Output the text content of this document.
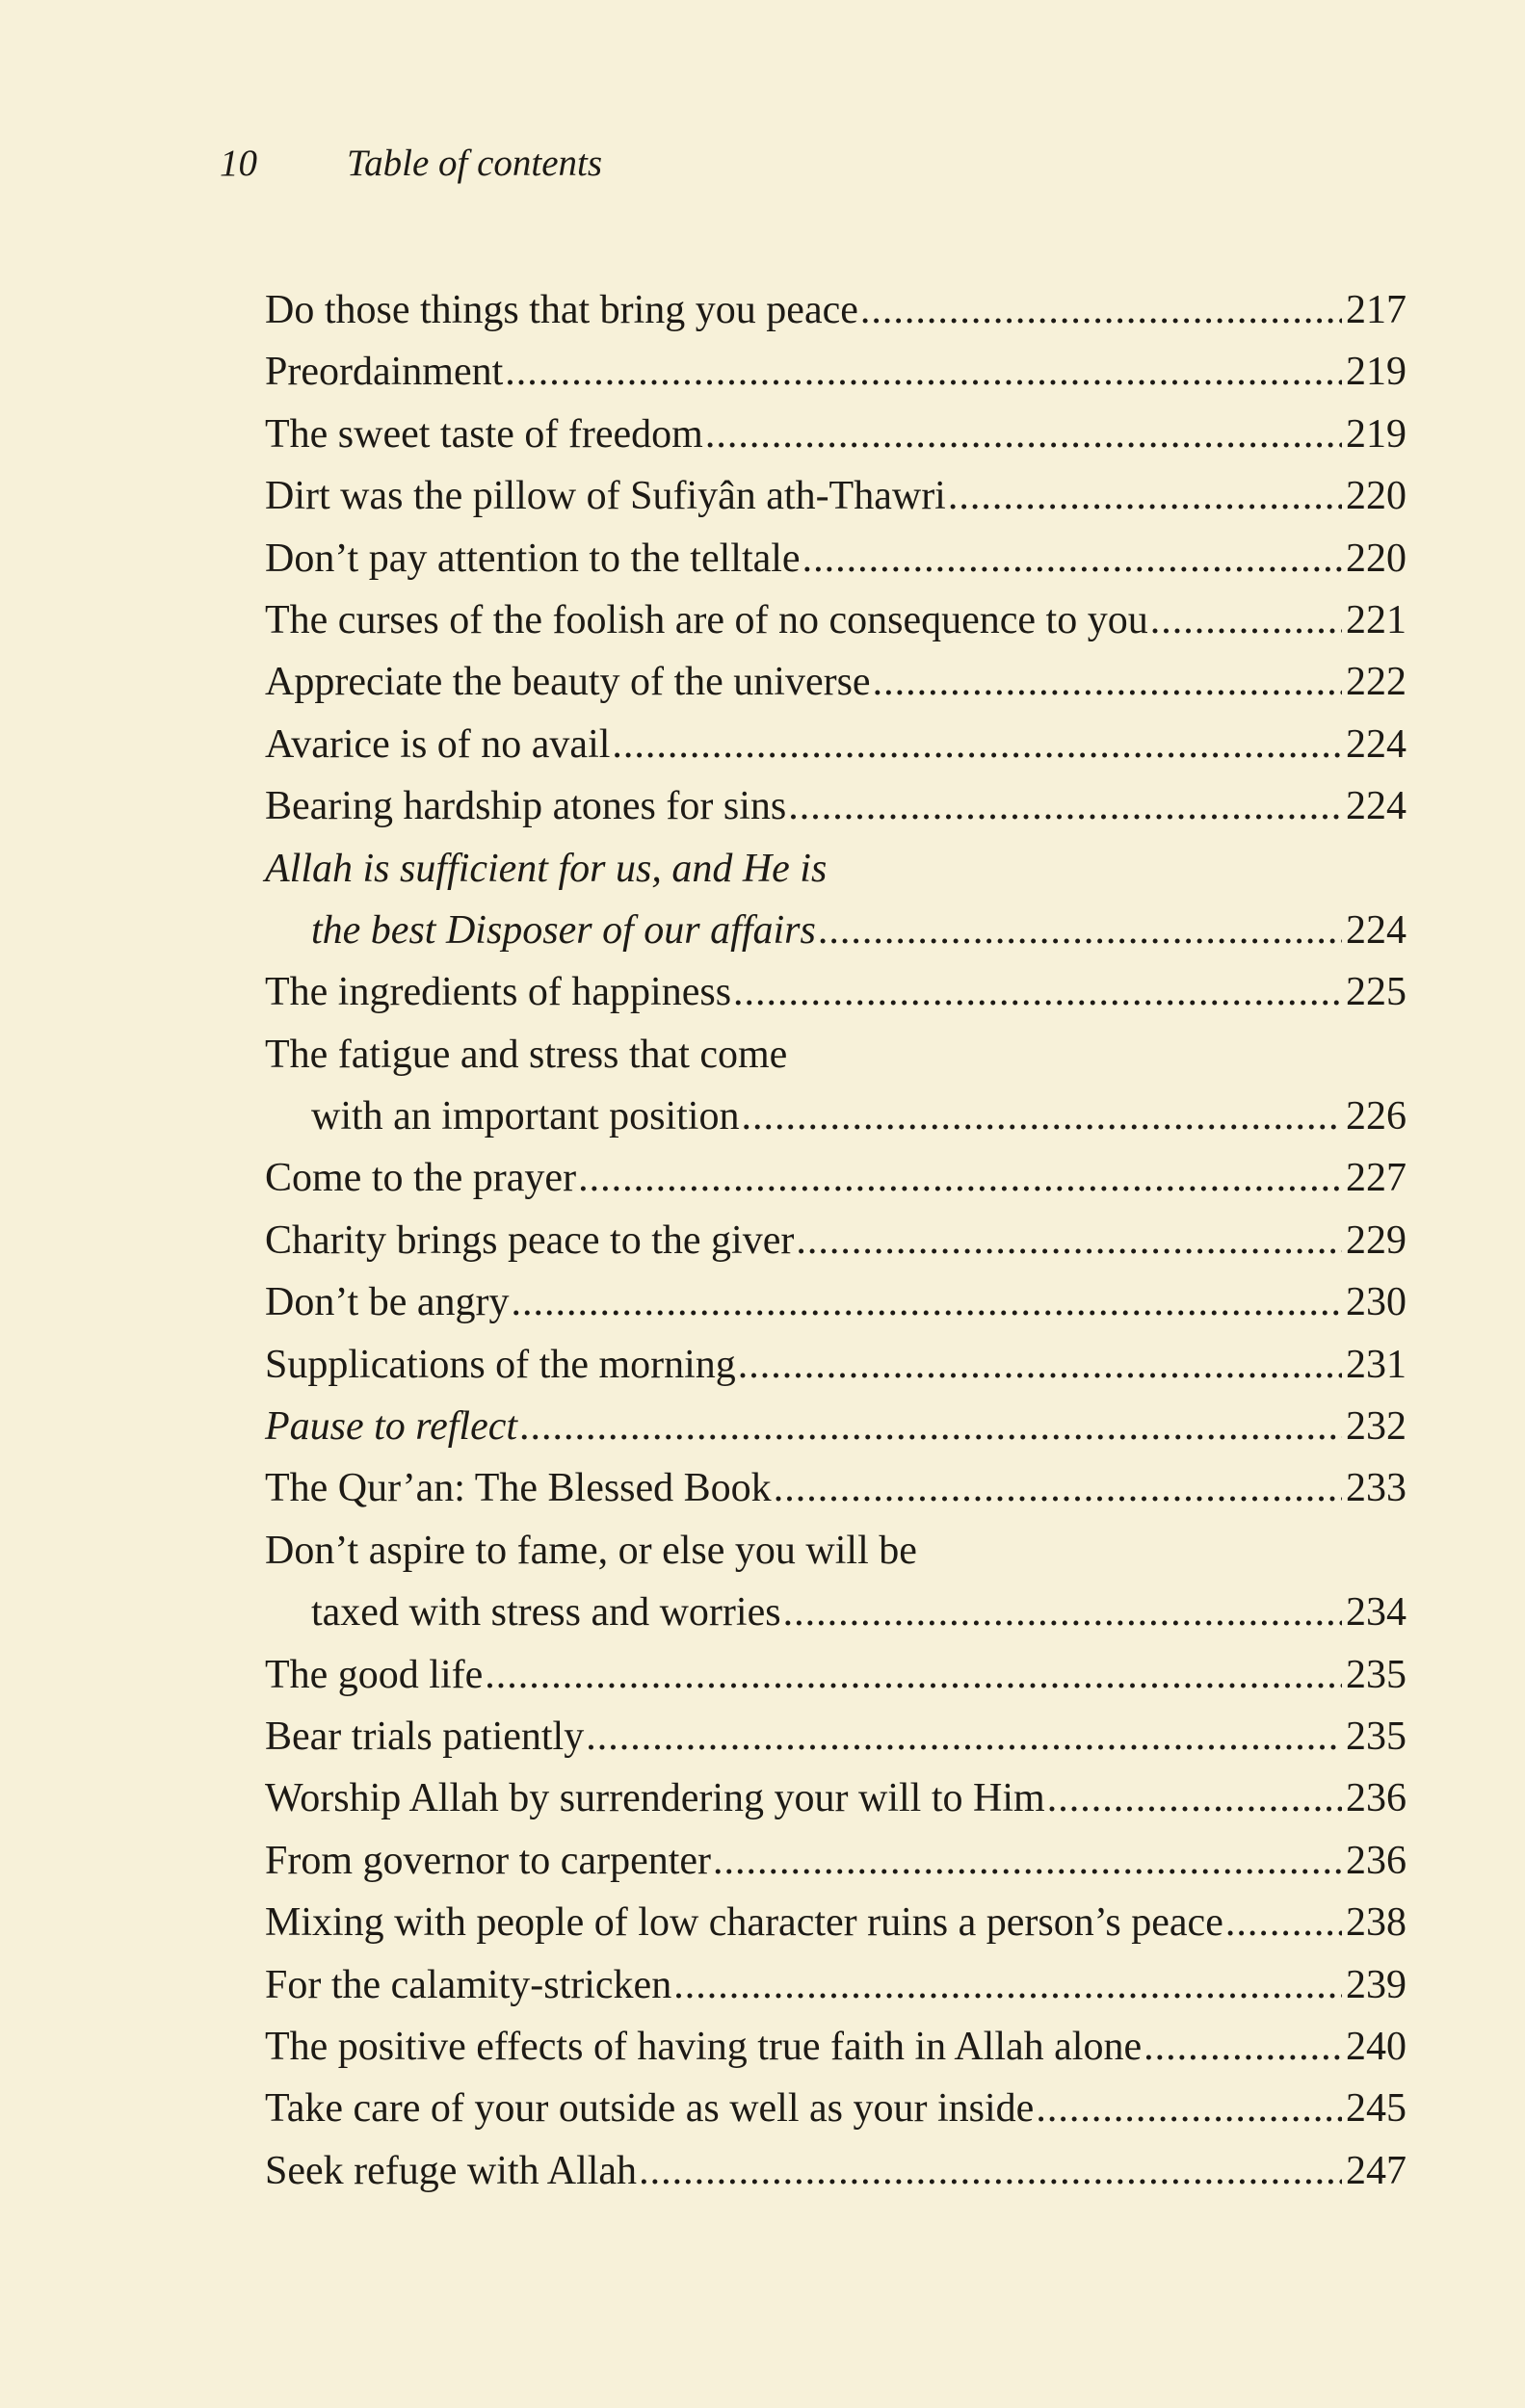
10 Table of contents
Do those things that bring you peace .....	217
Preordainment .....	219
The sweet taste of freedom .....	219
Dirt was the pillow of Sufiyân ath-Thawri .....	220
Don’t pay attention to the telltale .....	220
The curses of the foolish are of no consequence to you .....	221
Appreciate the beauty of the universe .....	222
Avarice is of no avail .....	224
Bearing hardship atones for sins .....	224
Allah is sufficient for us, and He is
the best Disposer of our affairs .....	224
The ingredients of happiness .....	225
The fatigue and stress that come
with an important position .....	226
Come to the prayer .....	227
Charity brings peace to the giver .....	229
Don’t be angry .....	230
Supplications of the morning .....	231
Pause to reflect .....	232
The Qur’an: The Blessed Book .....	233
Don’t aspire to fame, or else you will be
taxed with stress and worries .....	234
The good life .....	235
Bear trials patiently .....	235
Worship Allah by surrendering your will to Him .....	236
From governor to carpenter .....	236
Mixing with people of low character ruins a person’s peace .....	238
For the calamity-stricken .....	239
The positive effects of having true faith in Allah alone .....	240
Take care of your outside as well as your inside .....	245
Seek refuge with Allah .....	247
